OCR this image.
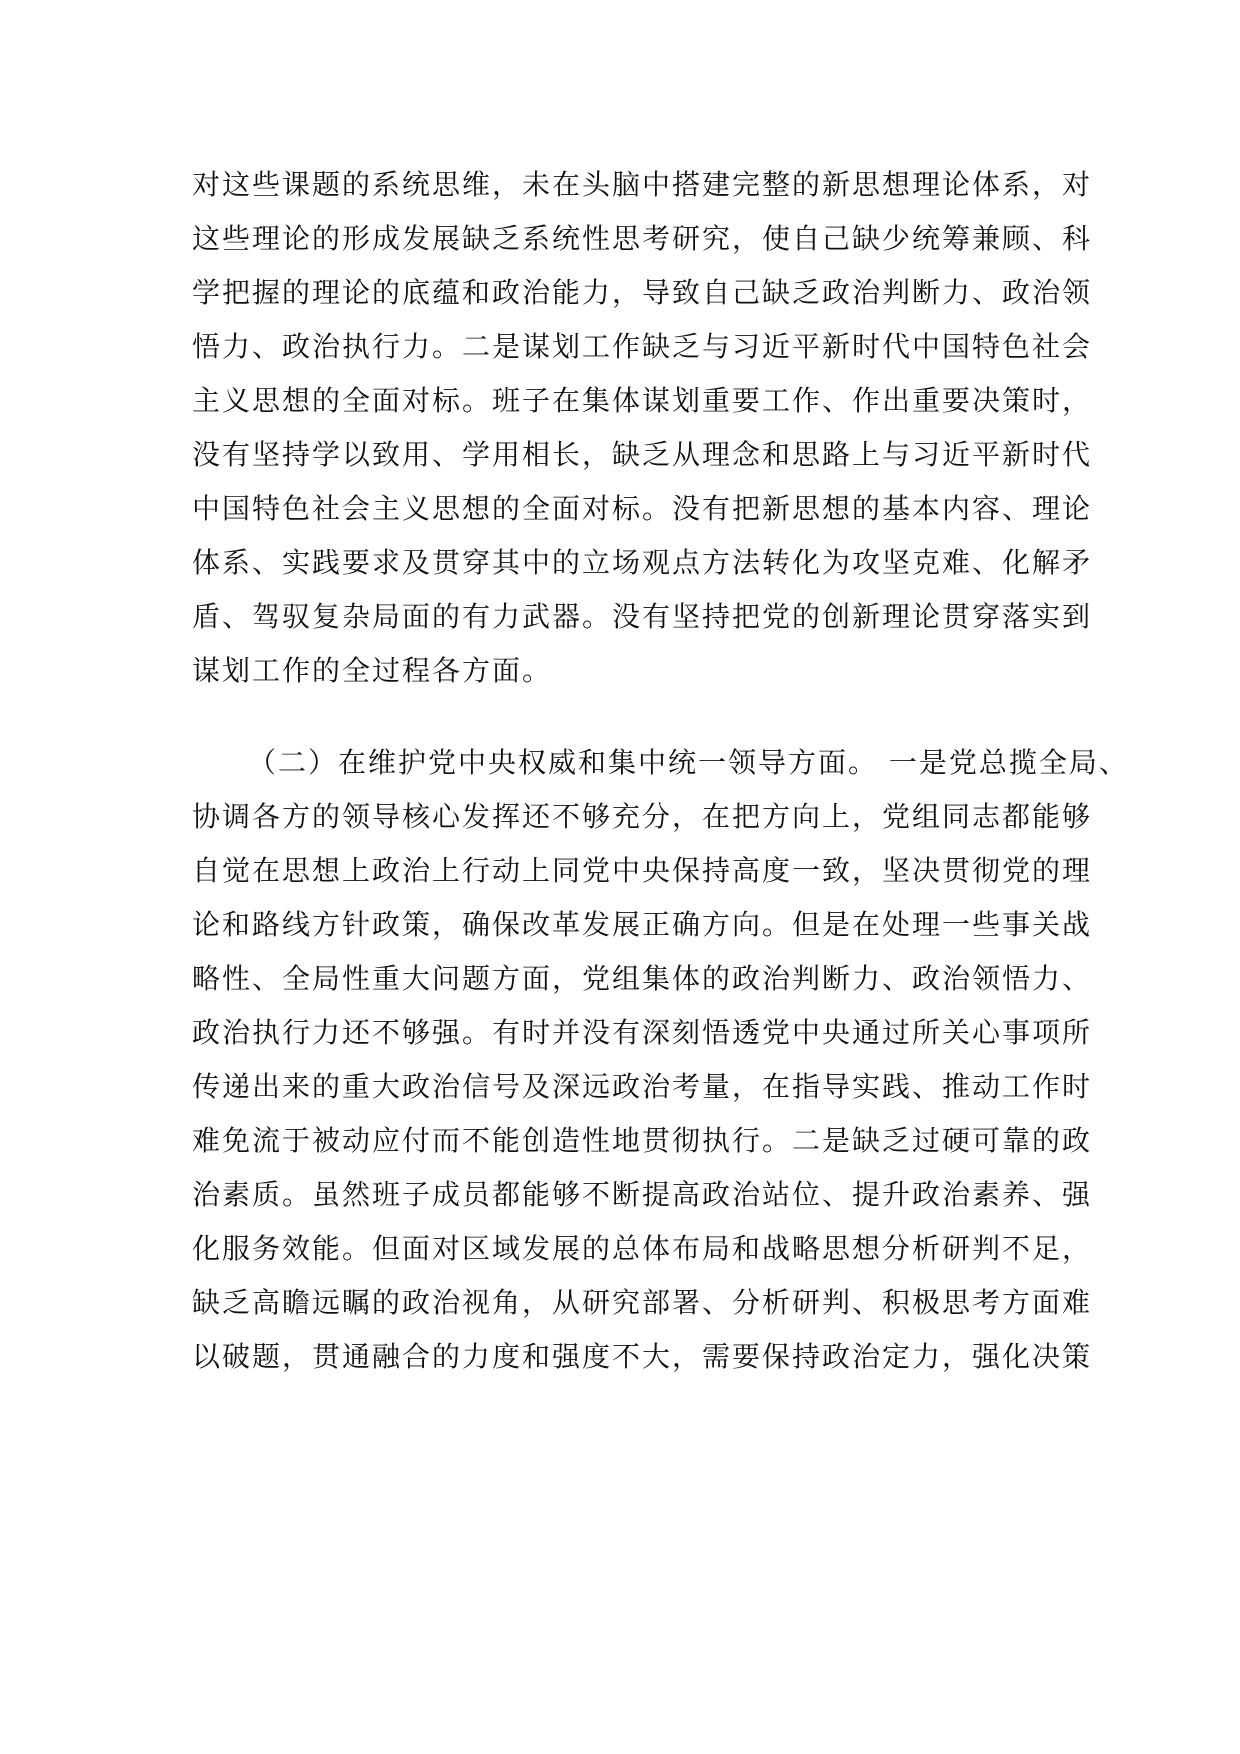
对这些课题的系统思维，未在头脑中搭建完整的新思想理论体系，对
这些理论的形成发展缺乏系统性思考研究，使自己缺少统筹兼顾、科
学把握的理论的底蕴和政治能力，导致自己缺乏政治判断力、政治领
悟力、政治执行力。二是谋划工作缺乏与习近平新时代中国特色社会
主义思想的全面对标。班子在集体谋划重要工作、作出重要决策时，
没有坚持学以致用、学用相长，缺乏从理念和思路上与习近平新时代
中国特色社会主义思想的全面对标。没有把新思想的基本内容、理论
体系、实践要求及贯穿其中的立场观点方法转化为攻坚克难、化解矛
盾、驾驭复杂局面的有力武器。没有坚持把党的创新理论贯穿落实到
谋划工作的全过程各方面。
（二）在维护党中央权威和集中统一领导方面。 一是党总揽全局、
协调各方的领导核心发挥还不够充分，在把方向上，党组同志都能够
自觉在思想上政治上行动上同党中央保持高度一致，坚决贯彻党的理
论和路线方针政策，确保改革发展正确方向。但是在处理一些事关战
略性、全局性重大问题方面，党组集体的政治判断力、政治领悟力、
政治执行力还不够强。有时并没有深刻悟透党中央通过所关心事项所
传递出来的重大政治信号及深远政治考量，在指导实践、推动工作时
难免流于被动应付而不能创造性地贯彻执行。二是缺乏过硬可靠的政
治素质。虽然班子成员都能够不断提高政治站位、提升政治素养、强
化服务效能。但面对区域发展的总体布局和战略思想分析研判不足，
缺乏高瞻远瞩的政治视角，从研究部署、分析研判、积极思考方面难
以破题，贯通融合的力度和强度不大，需要保持政治定力，强化决策
